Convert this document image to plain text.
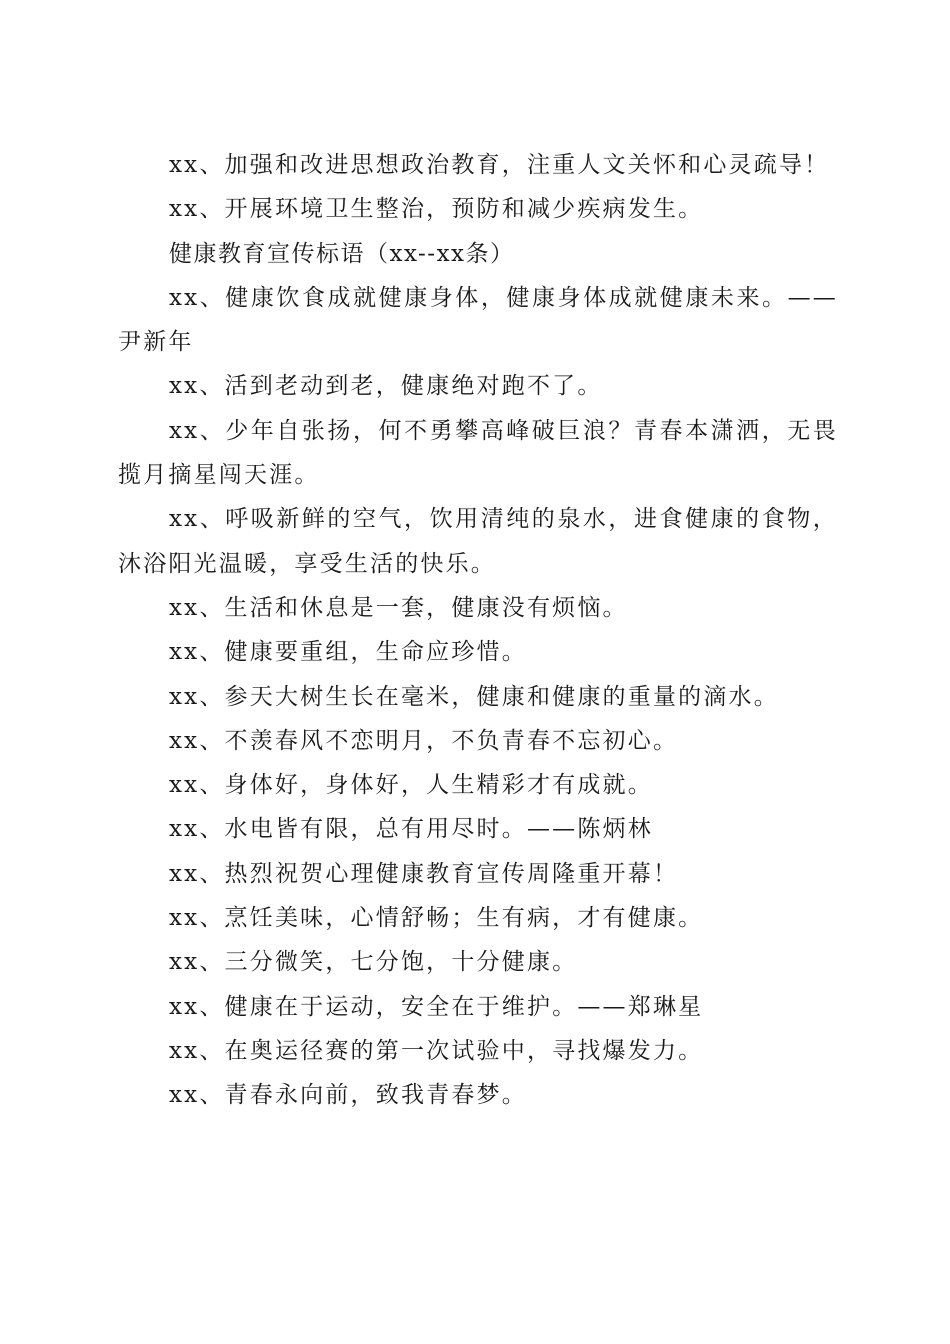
xx、加强和改进思想政治教育，注重人文关怀和心灵疏导！

xx、开展环境卫生整治，预防和减少疾病发生。

健康教育宣传标语（xx--xx条）

xx、健康饮食成就健康身体，健康身体成就健康未来。——尹新年

xx、活到老动到老，健康绝对跑不了。

xx、少年自张扬，何不勇攀高峰破巨浪？青春本潇洒，无畏揽月摘星闯天涯。

xx、呼吸新鲜的空气，饮用清纯的泉水，进食健康的食物，沐浴阳光温暖，享受生活的快乐。

xx、生活和休息是一套，健康没有烦恼。

xx、健康要重组，生命应珍惜。

xx、参天大树生长在毫米，健康和健康的重量的滴水。

xx、不羡春风不恋明月，不负青春不忘初心。

xx、身体好，身体好，人生精彩才有成就。

xx、水电皆有限，总有用尽时。——陈炳林

xx、热烈祝贺心理健康教育宣传周隆重开幕！

xx、烹饪美味，心情舒畅；生有病，才有健康。

xx、三分微笑，七分饱，十分健康。

xx、健康在于运动，安全在于维护。——郑琳星

xx、在奥运径赛的第一次试验中，寻找爆发力。

xx、青春永向前，致我青春梦。
